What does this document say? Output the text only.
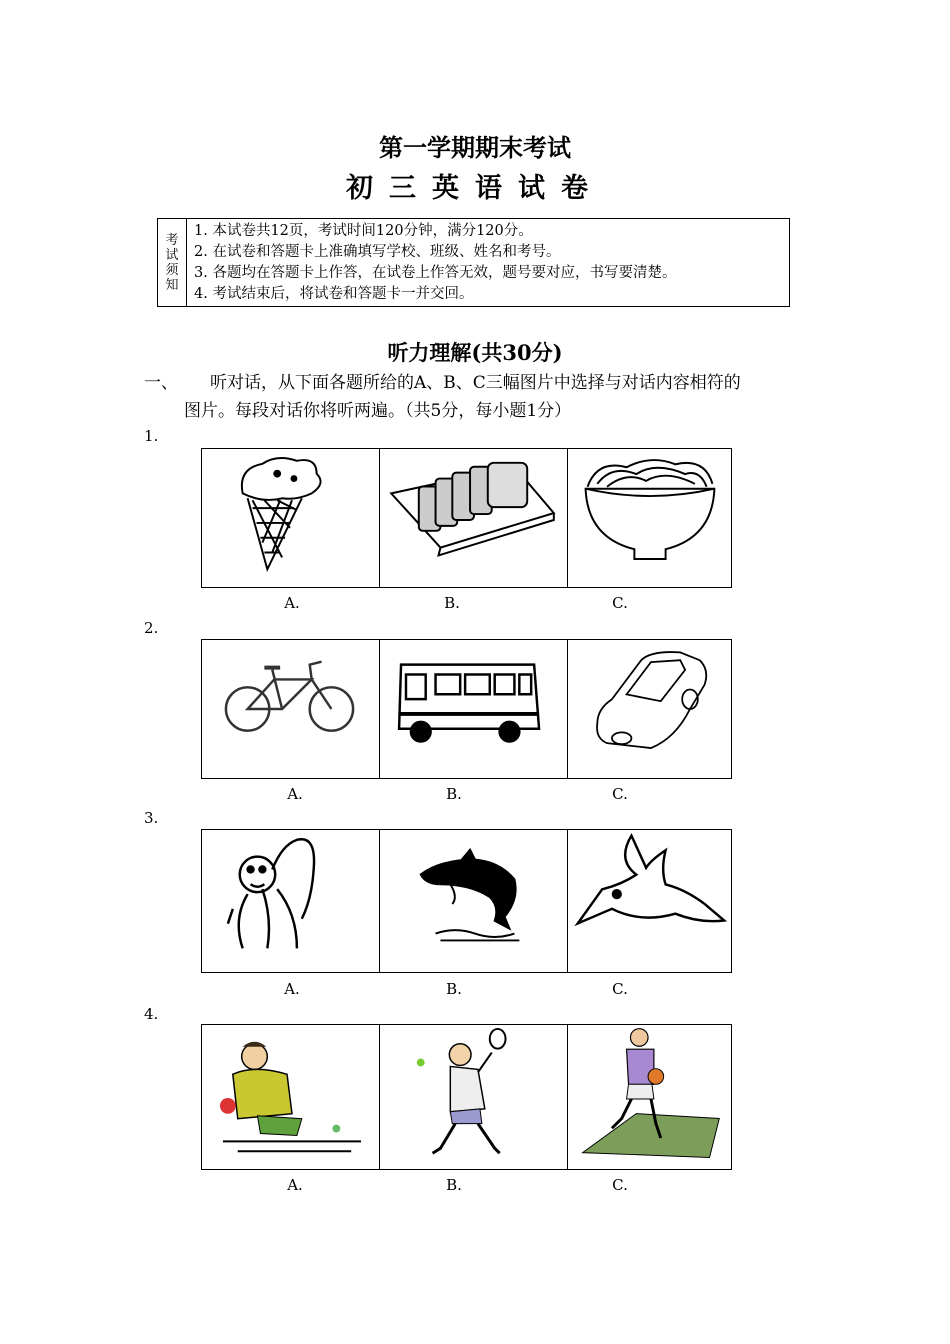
第一学期期末考试
初三英语试卷
考
试
须
知
1. 本试卷共12页，考试时间120分钟，满分120分。
2. 在试卷和答题卡上准确填写学校、班级、姓名和考号。
3. 各题均在答题卡上作答，在试卷上作答无效，题号要对应，书写要清楚。
4. 考试结束后，将试卷和答题卡一并交回。
听力理解(共30分)
一、 听对话，从下面各题所给的A、B、C三幅图片中选择与对话内容相符的
图片。每段对话你将听两遍。（共5分，每小题1分）
1.
A.	B.	C.
2.
A.	B.	C.
3.
A.	B.	C.
4.
A.	B.	C.
